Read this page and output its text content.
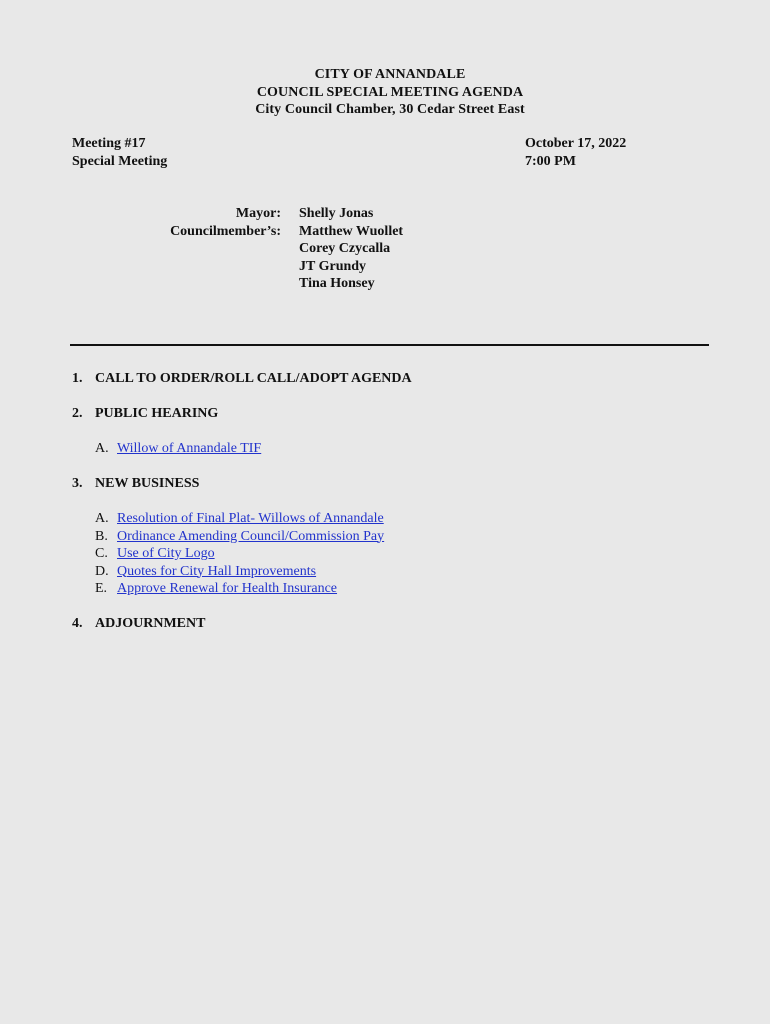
CITY OF ANNANDALE
COUNCIL SPECIAL MEETING AGENDA
City Council Chamber, 30 Cedar Street East
Meeting #17
Special Meeting
October 17, 2022
7:00 PM
Mayor:
Councilmember’s:
Shelly Jonas
Matthew Wuollet
Corey Czycalla
JT Grundy
Tina Honsey
1. CALL TO ORDER/ROLL CALL/ADOPT AGENDA
2. PUBLIC HEARING
A. Willow of Annandale TIF
3. NEW BUSINESS
A. Resolution of Final Plat- Willows of Annandale
B. Ordinance Amending Council/Commission Pay
C. Use of City Logo
D. Quotes for City Hall Improvements
E. Approve Renewal for Health Insurance
4. ADJOURNMENT
